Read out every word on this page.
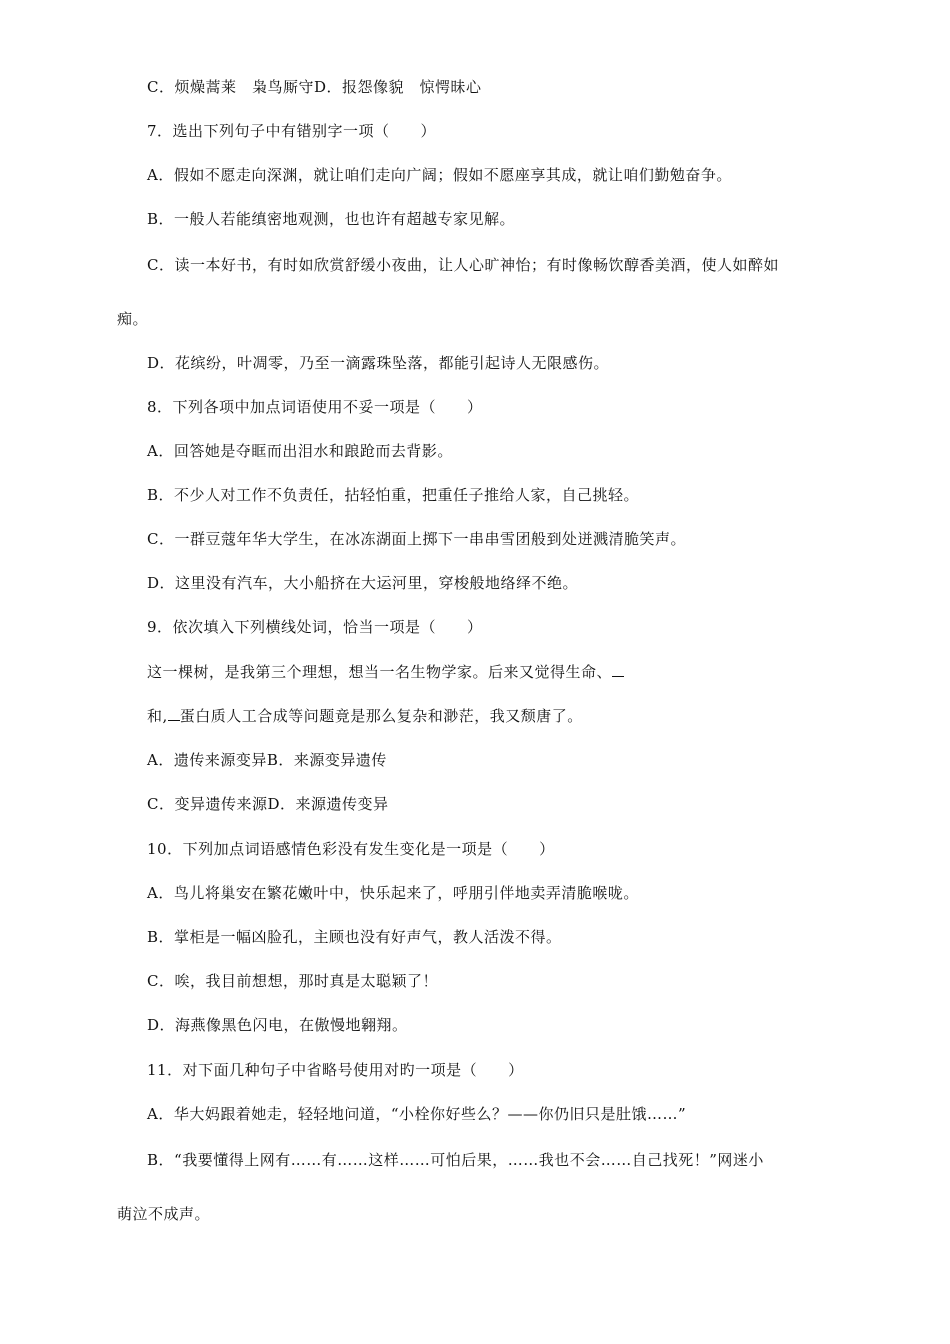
C．烦燥蒿莱　枭鸟厮守D．报怨像貌　惊愕昧心
7．选出下列句子中有错别字一项（　　）
A．假如不愿走向深渊，就让咱们走向广阔；假如不愿座享其成，就让咱们勤勉奋争。
B．一般人若能缜密地观测，也也许有超越专家见解。
C．读一本好书，有时如欣赏舒缓小夜曲，让人心旷神怡；有时像畅饮醇香美酒，使人如醉如
痴。
D．花缤纷，叶凋零，乃至一滴露珠坠落，都能引起诗人无限感伤。
8．下列各项中加点词语使用不妥一项是（　　）
A．回答她是夺眶而出泪水和踉跄而去背影。
B．不少人对工作不负责任，拈轻怕重，把重任子推给人家，自己挑轻。
C．一群豆蔻年华大学生，在冰冻湖面上掷下一串串雪团般到处迸溅清脆笑声。
D．这里没有汽车，大小船挤在大运河里，穿梭般地络绎不绝。
9．依次填入下列横线处词，恰当一项是（　　）
这一棵树，是我第三个理想，想当一名生物学家。后来又觉得生命、
和, 蛋白质人工合成等问题竟是那么复杂和渺茫，我又颓唐了。
A．遗传来源变异B．来源变异遗传
C．变异遗传来源D．来源遗传变异
10．下列加点词语感情色彩没有发生变化是一项是（　　）
A．鸟儿将巢安在繁花嫩叶中，快乐起来了，呼朋引伴地卖弄清脆喉咙。
B．掌柜是一幅凶脸孔，主顾也没有好声气，教人活泼不得。
C．唉，我目前想想，那时真是太聪颖了！
D．海燕像黑色闪电，在傲慢地翱翔。
11．对下面几种句子中省略号使用对旳一项是（　　）
A．华大妈跟着她走，轻轻地问道，“小栓你好些么？——你仍旧只是肚饿……”
B．“我要懂得上网有……有……这样……可怕后果，……我也不会……自己找死！”网迷小
萌泣不成声。
